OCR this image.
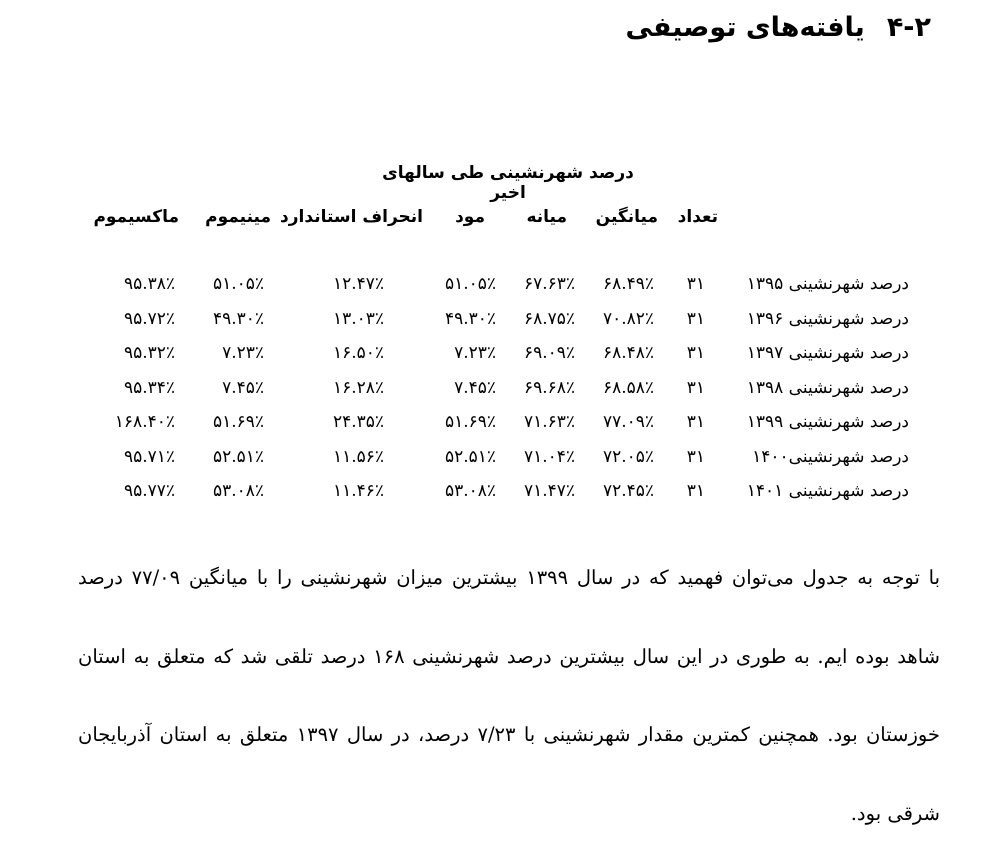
۴-۲یافته‌های توصیفی
درصد شهرنشینی طی سالهای اخیر
تعداد
میانگین
میانه
مود
انحراف استاندارد
مینیموم
ماکسیموم
درصد شهرنشینی ۱۳۹۵
۳۱
۶۸.۴۹٪
۶۷.۶۳٪
۵۱.۰۵٪
۱۲.۴۷٪
۵۱.۰۵٪
۹۵.۳۸٪
درصد شهرنشینی ۱۳۹۶
۳۱
۷۰.۸۲٪
۶۸.۷۵٪
۴۹.۳۰٪
۱۳.۰۳٪
۴۹.۳۰٪
۹۵.۷۲٪
درصد شهرنشینی ۱۳۹۷
۳۱
۶۸.۴۸٪
۶۹.۰۹٪
۷.۲۳٪
۱۶.۵۰٪
۷.۲۳٪
۹۵.۳۲٪
درصد شهرنشینی ۱۳۹۸
۳۱
۶۸.۵۸٪
۶۹.۶۸٪
۷.۴۵٪
۱۶.۲۸٪
۷.۴۵٪
۹۵.۳۴٪
درصد شهرنشینی ۱۳۹۹
۳۱
۷۷.۰۹٪
۷۱.۶۳٪
۵۱.۶۹٪
۲۴.۳۵٪
۵۱.۶۹٪
۱۶۸.۴۰٪
درصد شهرنشینی۱۴۰۰
۳۱
۷۲.۰۵٪
۷۱.۰۴٪
۵۲.۵۱٪
۱۱.۵۶٪
۵۲.۵۱٪
۹۵.۷۱٪
درصد شهرنشینی ۱۴۰۱
۳۱
۷۲.۴۵٪
۷۱.۴۷٪
۵۳.۰۸٪
۱۱.۴۶٪
۵۳.۰۸٪
۹۵.۷۷٪
با توجه به جدول می‌توان فهمید که در سال ۱۳۹۹ بیشترین میزان شهرنشینی را با میانگین ۷۷/۰۹ درصد
شاهد بوده ایم. به طوری در این سال بیشترین درصد شهرنشینی ۱۶۸ درصد تلقی شد که متعلق به استان
خوزستان بود. همچنین کمترین مقدار شهرنشینی با ۷/۲۳ درصد، در سال ۱۳۹۷ متعلق به استان آذربایجان
شرقی بود.
